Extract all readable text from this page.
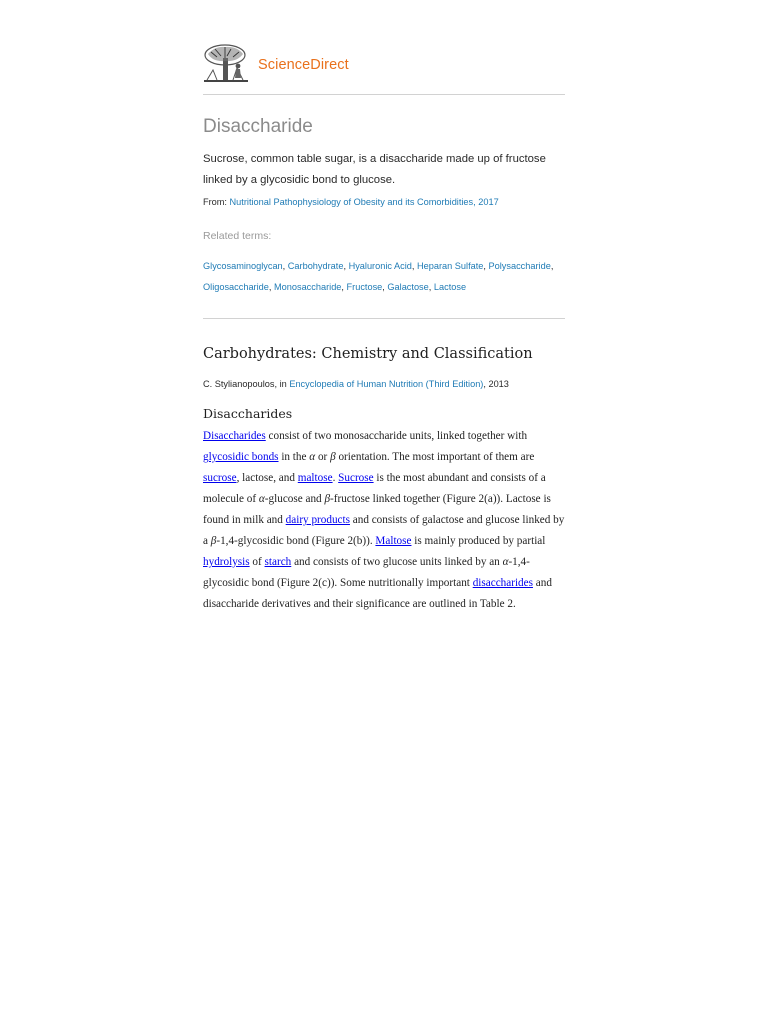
ScienceDirect
Disaccharide

Sucrose, common table sugar, is a disaccharide made up of fructose linked by a glycosidic bond to glucose.

From: Nutritional Pathophysiology of Obesity and its Comorbidities, 2017
Related terms:

Glycosaminoglycan, Carbohydrate, Hyaluronic Acid, Heparan Sulfate, Polysaccharide, Oligosaccharide, Monosaccharide, Fructose, Galactose, Lactose

Carbohydrates: Chemistry and Classification
C. Stylianopoulos, in Encyclopedia of Human Nutrition (Third Edition), 2013
Disaccharides

Disaccharides consist of two monosaccharide units, linked together with glycosidic bonds in the α or β orientation. The most important of them are sucrose, lactose, and maltose. Sucrose is the most abundant and consists of a molecule of α-glucose and β-fructose linked together (Figure 2(a)). Lactose is found in milk and dairy products and consists of galactose and glucose linked by a β-1,4-glycosidic bond (Figure 2(b)). Maltose is mainly produced by partial hydrolysis of starch and consists of two glucose units linked by an α-1,4-glycosidic bond (Figure 2(c)). Some nutritionally important disaccharides and disaccharide derivatives and their significance are outlined in Table 2.
